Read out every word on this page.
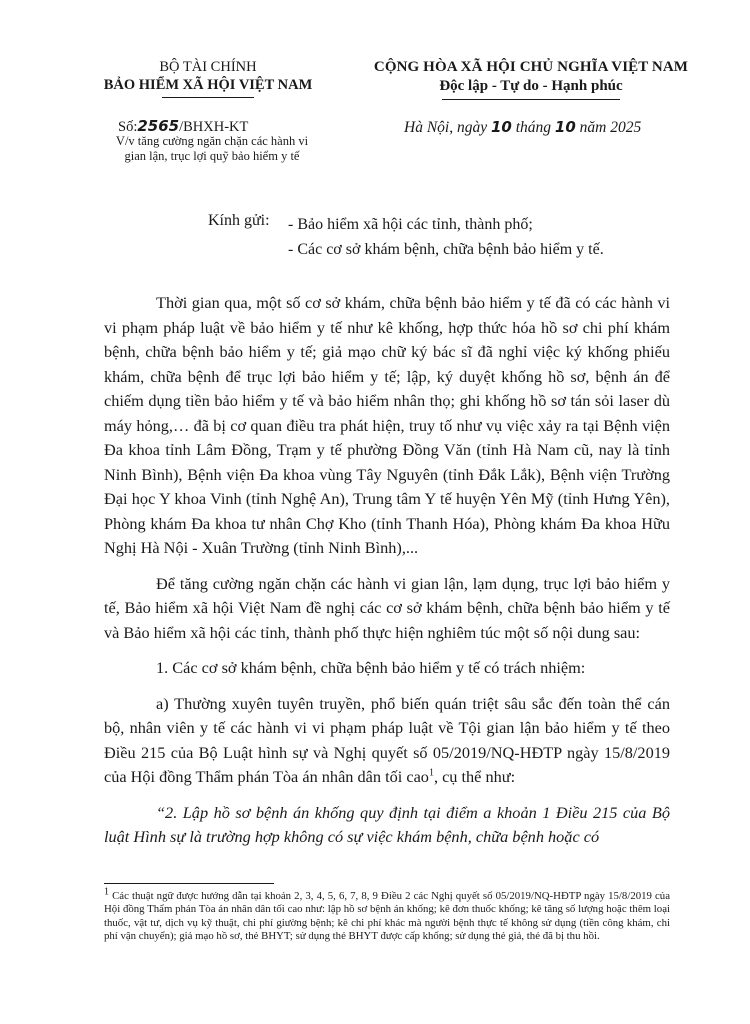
BỘ TÀI CHÍNH
BẢO HIỂM XÃ HỘI VIỆT NAM
CỘNG HÒA XÃ HỘI CHỦ NGHĨA VIỆT NAM
Độc lập - Tự do - Hạnh phúc
Số:2565/BHXH-KT
V/v tăng cường ngăn chặn các hành vi
gian lận, trục lợi quỹ bảo hiểm y tế
Hà Nội, ngày 10 tháng 10 năm 2025
Kính gửi: - Bảo hiểm xã hội các tỉnh, thành phố;
- Các cơ sở khám bệnh, chữa bệnh bảo hiểm y tế.

Thời gian qua, một số cơ sở khám, chữa bệnh bảo hiểm y tế đã có các hành vi vi phạm pháp luật về bảo hiểm y tế như kê khống, hợp thức hóa hồ sơ chi phí khám bệnh, chữa bệnh bảo hiểm y tế; giả mạo chữ ký bác sĩ đã nghỉ việc ký khống phiếu khám, chữa bệnh để trục lợi bảo hiểm y tế; lập, ký duyệt khống hồ sơ, bệnh án để chiếm dụng tiền bảo hiểm y tế và bảo hiểm nhân thọ; ghi khống hồ sơ tán sỏi laser dù máy hỏng,… đã bị cơ quan điều tra phát hiện, truy tố như vụ việc xảy ra tại Bệnh viện Đa khoa tỉnh Lâm Đồng, Trạm y tế phường Đồng Văn (tỉnh Hà Nam cũ, nay là tỉnh Ninh Bình), Bệnh viện Đa khoa vùng Tây Nguyên (tỉnh Đắk Lắk), Bệnh viện Trường Đại học Y khoa Vinh (tỉnh Nghệ An), Trung tâm Y tế huyện Yên Mỹ (tỉnh Hưng Yên), Phòng khám Đa khoa tư nhân Chợ Kho (tỉnh Thanh Hóa), Phòng khám Đa khoa Hữu Nghị Hà Nội - Xuân Trường (tỉnh Ninh Bình),...

Để tăng cường ngăn chặn các hành vi gian lận, lạm dụng, trục lợi bảo hiểm y tế, Bảo hiểm xã hội Việt Nam đề nghị các cơ sở khám bệnh, chữa bệnh bảo hiểm y tế và Bảo hiểm xã hội các tỉnh, thành phố thực hiện nghiêm túc một số nội dung sau:

1. Các cơ sở khám bệnh, chữa bệnh bảo hiểm y tế có trách nhiệm:

a) Thường xuyên tuyên truyền, phổ biến quán triệt sâu sắc đến toàn thể cán bộ, nhân viên y tế các hành vi vi phạm pháp luật về Tội gian lận bảo hiểm y tế theo Điều 215 của Bộ Luật hình sự và Nghị quyết số 05/2019/NQ-HĐTP ngày 15/8/2019 của Hội đồng Thẩm phán Tòa án nhân dân tối cao$^1$, cụ thể như:

“2. Lập hồ sơ bệnh án khống quy định tại điểm a khoản 1 Điều 215 của Bộ luật Hình sự là trường hợp không có sự việc khám bệnh, chữa bệnh hoặc có

$^1$ Các thuật ngữ được hướng dẫn tại khoản 2, 3, 4, 5, 6, 7, 8, 9 Điều 2 các Nghị quyết số 05/2019/NQ-HĐTP ngày 15/8/2019 của Hội đồng Thẩm phán Tòa án nhân dân tối cao như: lập hồ sơ bệnh án khống; kê đơn thuốc khống; kê tăng số lượng hoặc thêm loại thuốc, vật tư, dịch vụ kỹ thuật, chi phí giường bệnh; kê chi phí khác mà người bệnh thực tế không sử dụng (tiền công khám, chi phí vận chuyển); giả mạo hồ sơ, thẻ BHYT; sử dụng thẻ BHYT được cấp khống; sử dụng thẻ giả, thẻ đã bị thu hồi.
